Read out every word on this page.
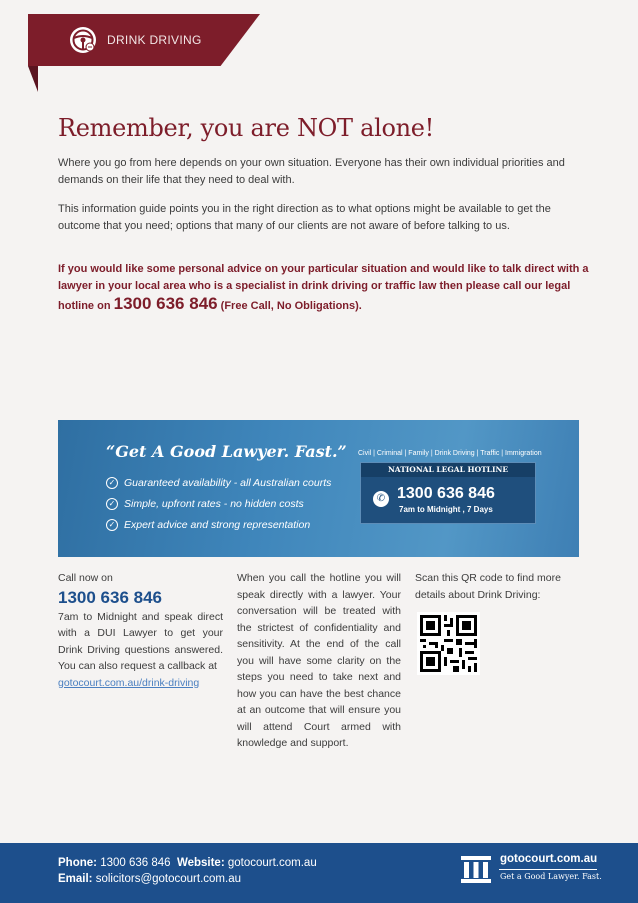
DRINK DRIVING
Remember, you are NOT alone!

Where you go from here depends on your own situation. Everyone has their own individual priorities and demands on their life that they need to deal with.

This information guide points you in the right direction as to what options might be available to get the outcome that you need; options that many of our clients are not aware of before talking to us.

If you would like some personal advice on your particular situation and would like to talk direct with a lawyer in your local area who is a specialist in drink driving or traffic law then please call our legal hotline on 1300 636 846 (Free Call, No Obligations).

“Get A Good Lawyer. Fast.”
✓ Guaranteed availability - all Australian courts
✓ Simple, upfront rates - no hidden costs
✓ Expert advice and strong representation
Civil | Criminal | Family | Drink Driving | Traffic | Immigration
NATIONAL LEGAL HOTLINE
✆ 1300 636 846
7am to Midnight , 7 Days
Call now on
1300 636 846
7am to Midnight and speak direct with a DUI Lawyer to get your Drink Driving questions answered. You can also request a callback at
gotocourt.com.au/drink-driving
When you call the hotline you will speak directly with a lawyer. Your conversation will be treated with the strictest of confidentiality and sensitivity. At the end of the call you will have some clarity on the steps you need to take next and how you can have the best chance at an outcome that will ensure you will attend Court armed with knowledge and support.
Scan this QR code to find more details about Drink Driving:
Phone: 1300 636 846 Website: gotocourt.com.au
Email: solicitors@gotocourt.com.au
gotocourt.com.au
Get a Good Lawyer. Fast.
